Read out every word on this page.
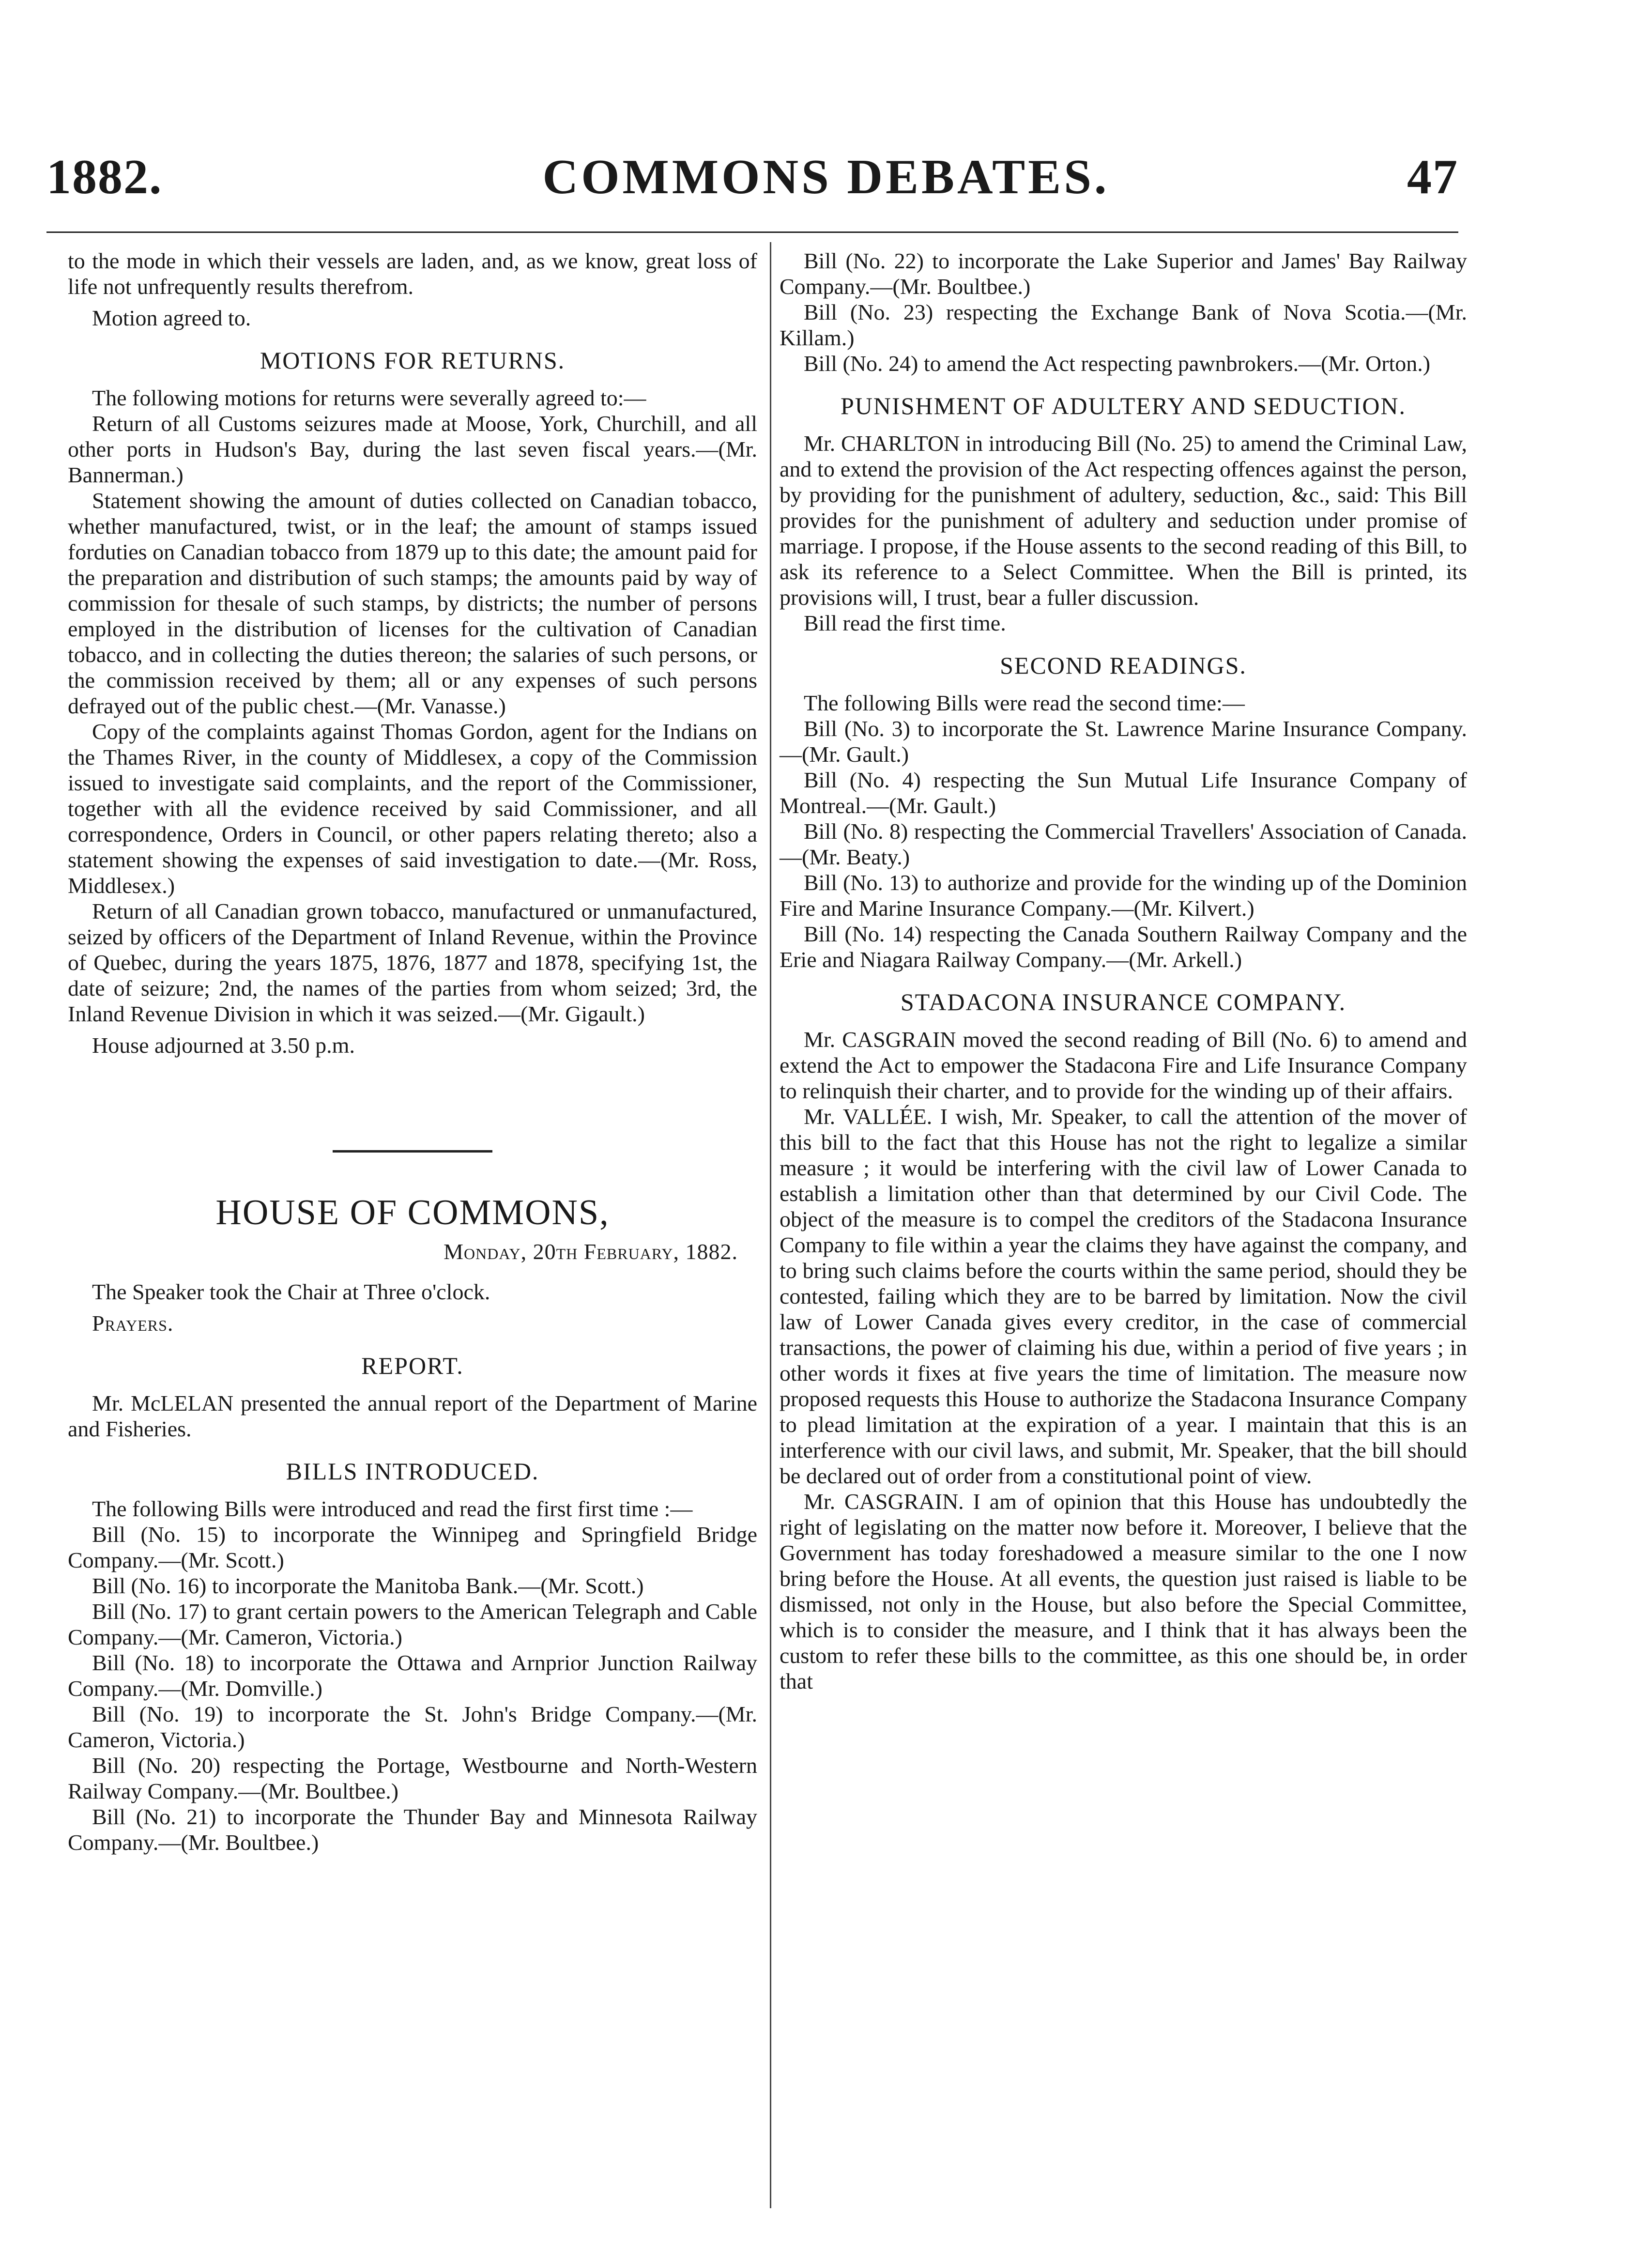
1882.	COMMONS DEBATES.	47

to the mode in which their vessels are laden, and, as we know, great loss of life not unfrequently results therefrom.

Motion agreed to.

MOTIONS FOR RETURNS.

The following motions for returns were severally agreed to:—

Return of all Customs seizures made at Moose, York, Churchill, and all other ports in Hudson's Bay, during the last seven fiscal years.—(Mr. Bannerman.)

Statement showing the amount of duties collected on Canadian tobacco, whether manufactured, twist, or in the leaf; the amount of stamps issued forduties on Canadian tobacco from 1879 up to this date; the amount paid for the preparation and distribution of such stamps; the amounts paid by way of commission for thesale of such stamps, by districts; the number of persons employed in the distribution of licenses for the cultivation of Canadian tobacco, and in collecting the duties thereon; the salaries of such persons, or the commission received by them; all or any expenses of such persons defrayed out of the public chest.—(Mr. Vanasse.)

Copy of the complaints against Thomas Gordon, agent for the Indians on the Thames River, in the county of Middlesex, a copy of the Commission issued to investigate said complaints, and the report of the Commissioner, together with all the evidence received by said Commissioner, and all correspondence, Orders in Council, or other papers relating thereto; also a statement showing the expenses of said investigation to date.—(Mr. Ross, Middlesex.)

Return of all Canadian grown tobacco, manufactured or unmanufactured, seized by officers of the Department of Inland Revenue, within the Province of Quebec, during the years 1875, 1876, 1877 and 1878, specifying 1st, the date of seizure; 2nd, the names of the parties from whom seized; 3rd, the Inland Revenue Division in which it was seized.—(Mr. Gigault.)

House adjourned at 3.50 p.m.

HOUSE OF COMMONS,
Monday, 20th February, 1882.

The Speaker took the Chair at Three o'clock.

Prayers.

REPORT.

Mr. McLELAN presented the annual report of the Department of Marine and Fisheries.

BILLS INTRODUCED.

The following Bills were introduced and read the first first time :—

Bill (No. 15) to incorporate the Winnipeg and Springfield Bridge Company.—(Mr. Scott.)

Bill (No. 16) to incorporate the Manitoba Bank.—(Mr. Scott.)

Bill (No. 17) to grant certain powers to the American Telegraph and Cable Company.—(Mr. Cameron, Victoria.)

Bill (No. 18) to incorporate the Ottawa and Arnprior Junction Railway Company.—(Mr. Domville.)

Bill (No. 19) to incorporate the St. John's Bridge Company.—(Mr. Cameron, Victoria.)

Bill (No. 20) respecting the Portage, Westbourne and North-Western Railway Company.—(Mr. Boultbee.)

Bill (No. 21) to incorporate the Thunder Bay and Minnesota Railway Company.—(Mr. Boultbee.)

Bill (No. 22) to incorporate the Lake Superior and James' Bay Railway Company.—(Mr. Boultbee.)

Bill (No. 23) respecting the Exchange Bank of Nova Scotia.—(Mr. Killam.)

Bill (No. 24) to amend the Act respecting pawnbrokers.—(Mr. Orton.)

PUNISHMENT OF ADULTERY AND SEDUCTION.

Mr. CHARLTON in introducing Bill (No. 25) to amend the Criminal Law, and to extend the provision of the Act respecting offences against the person, by providing for the punishment of adultery, seduction, &c., said: This Bill provides for the punishment of adultery and seduction under promise of marriage. I propose, if the House assents to the second reading of this Bill, to ask its reference to a Select Committee. When the Bill is printed, its provisions will, I trust, bear a fuller discussion.

Bill read the first time.

SECOND READINGS.

The following Bills were read the second time:—

Bill (No. 3) to incorporate the St. Lawrence Marine Insurance Company.—(Mr. Gault.)

Bill (No. 4) respecting the Sun Mutual Life Insurance Company of Montreal.—(Mr. Gault.)

Bill (No. 8) respecting the Commercial Travellers' Association of Canada.—(Mr. Beaty.)

Bill (No. 13) to authorize and provide for the winding up of the Dominion Fire and Marine Insurance Company.—(Mr. Kilvert.)

Bill (No. 14) respecting the Canada Southern Railway Company and the Erie and Niagara Railway Company.—(Mr. Arkell.)

STADACONA INSURANCE COMPANY.

Mr. CASGRAIN moved the second reading of Bill (No. 6) to amend and extend the Act to empower the Stadacona Fire and Life Insurance Company to relinquish their charter, and to provide for the winding up of their affairs.

Mr. VALLÉE. I wish, Mr. Speaker, to call the attention of the mover of this bill to the fact that this House has not the right to legalize a similar measure ; it would be interfering with the civil law of Lower Canada to establish a limitation other than that determined by our Civil Code. The object of the measure is to compel the creditors of the Stadacona Insurance Company to file within a year the claims they have against the company, and to bring such claims before the courts within the same period, should they be contested, failing which they are to be barred by limitation. Now the civil law of Lower Canada gives every creditor, in the case of commercial transactions, the power of claiming his due, within a period of five years ; in other words it fixes at five years the time of limitation. The measure now proposed requests this House to authorize the Stadacona Insurance Company to plead limitation at the expiration of a year. I maintain that this is an interference with our civil laws, and submit, Mr. Speaker, that the bill should be declared out of order from a constitutional point of view.

Mr. CASGRAIN. I am of opinion that this House has undoubtedly the right of legislating on the matter now before it. Moreover, I believe that the Government has today foreshadowed a measure similar to the one I now bring before the House. At all events, the question just raised is liable to be dismissed, not only in the House, but also before the Special Committee, which is to consider the measure, and I think that it has always been the custom to refer these bills to the committee, as this one should be, in order that
